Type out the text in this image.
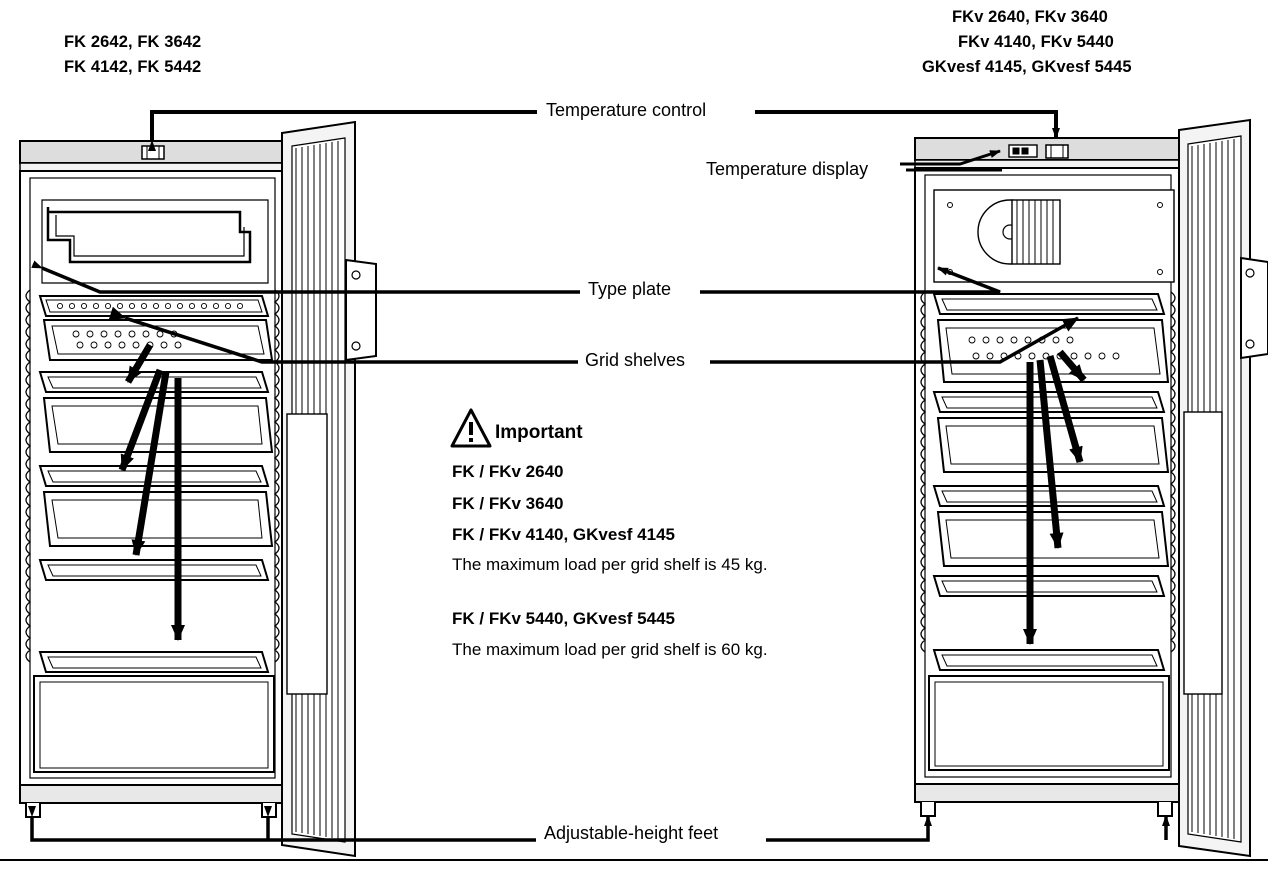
FK 2642, FK 3642
FK 4142, FK 5442
FKv 2640, FKv 3640
FKv 4140, FKv 5440
GKvesf 4145, GKvesf 5445
Temperature control
Temperature display
Type plate
Grid shelves
Adjustable-height feet
Important
FK / FKv 2640
FK / FKv 3640
FK / FKv 4140, GKvesf 4145
The maximum load per grid shelf is 45 kg.
FK / FKv 5440, GKvesf 5445
The maximum load per grid shelf is 60 kg.
